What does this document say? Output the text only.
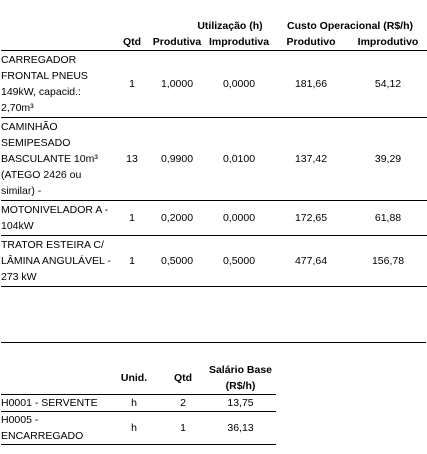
		Utilização (h)		Custo Operacional (R$/h)	
	Qtd	Produtiva	Improdutiva	Produtivo	Improdutivo
CARREGADOR FRONTAL PNEUS 149kW, capacid.: 2,70m³	1	1,0000	0,0000	181,66	54,12
CAMINHÃO SEMIPESADO BASCULANTE 10m³ (ATEGO 2426 ou similar) -	13	0,9900	0,0100	137,42	39,29
MOTONIVELADOR A - 104kW	1	0,2000	0,0000	172,65	61,88
TRATOR ESTEIRA C/ LÂMINA ANGULÁVEL - 273 kW	1	0,5000	0,5000	477,64	156,78
	Unid.	Qtd	Salário Base (R$/h)
H0001 - SERVENTE	h	2	13,75
H0005 - ENCARREGADO	h	1	36,13
